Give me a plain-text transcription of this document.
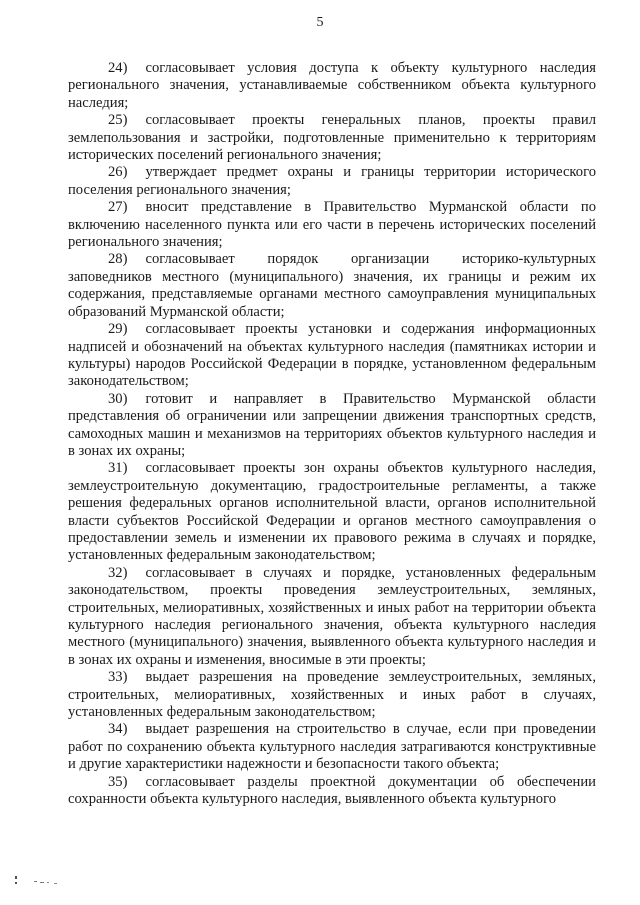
5

24) согласовывает условия доступа к объекту культурного наследия регионального значения, устанавливаемые собственником объекта культурного наследия;

25) согласовывает проекты генеральных планов, проекты правил землепользования и застройки, подготовленные применительно к территориям исторических поселений регионального значения;

26) утверждает предмет охраны и границы территории исторического поселения регионального значения;

27) вносит представление в Правительство Мурманской области по включению населенного пункта или его части в перечень исторических поселений регионального значения;

28) согласовывает порядок организации историко-культурных заповедников местного (муниципального) значения, их границы и режим их содержания, представляемые органами местного самоуправления муниципальных образований Мурманской области;

29) согласовывает проекты установки и содержания информационных надписей и обозначений на объектах культурного наследия (памятниках истории и культуры) народов Российской Федерации в порядке, установленном федеральным законодательством;

30) готовит и направляет в Правительство Мурманской области представления об ограничении или запрещении движения транспортных средств, самоходных машин и механизмов на территориях объектов культурного наследия и в зонах их охраны;

31) согласовывает проекты зон охраны объектов культурного наследия, землеустроительную документацию, градостроительные регламенты, а также решения федеральных органов исполнительной власти, органов исполнительной власти субъектов Российской Федерации и органов местного самоуправления о предоставлении земель и изменении их правового режима в случаях и порядке, установленных федеральным законодательством;

32) согласовывает в случаях и порядке, установленных федеральным законодательством, проекты проведения землеустроительных, земляных, строительных, мелиоративных, хозяйственных и иных работ на территории объекта культурного наследия регионального значения, объекта культурного наследия местного (муниципального) значения, выявленного объекта культурного наследия и в зонах их охраны и изменения, вносимые в эти проекты;

33) выдает разрешения на проведение землеустроительных, земляных, строительных, мелиоративных, хозяйственных и иных работ в случаях, установленных федеральным законодательством;

34) выдает разрешения на строительство в случае, если при проведении работ по сохранению объекта культурного наследия затрагиваются конструктивные и другие характеристики надежности и безопасности такого объекта;

35) согласовывает разделы проектной документации об обеспечении сохранности объекта культурного наследия, выявленного объекта культурного
